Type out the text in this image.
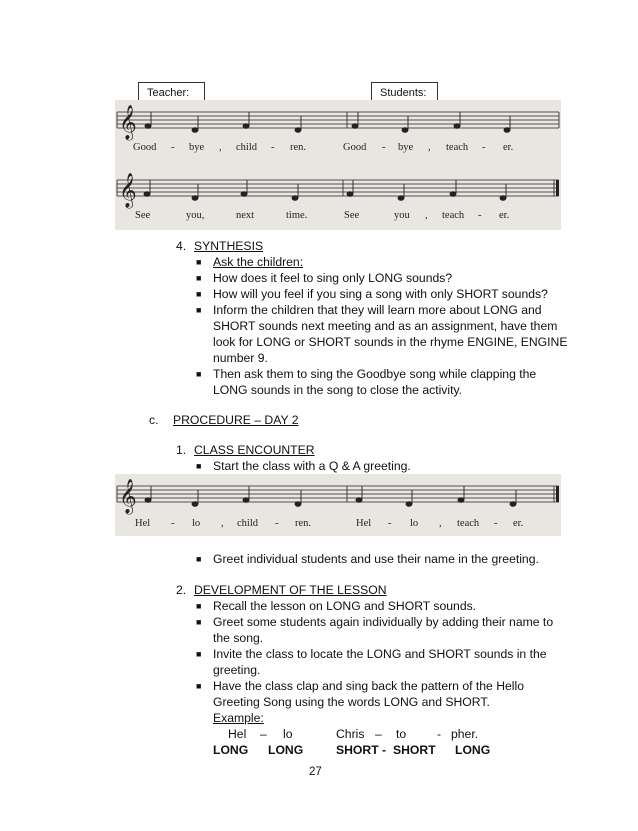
Teacher:	Students:
𝄞
𝄞
Good - bye , child - ren.	Good - bye , teach - er.
See	you,	next	time.	See	you , teach - er.
4. SYNTHESIS
■ Ask the children:
■ How does it feel to sing only LONG sounds?
■ How will you feel if you sing a song with only SHORT sounds?
■ Inform the children that they will learn more about LONG and
SHORT sounds next meeting and as an assignment, have them
look for LONG or SHORT sounds in the rhyme ENGINE, ENGINE
number 9.
■ Then ask them to sing the Goodbye song while clapping the
LONG sounds in the song to close the activity.
c. PROCEDURE – DAY 2
1. CLASS ENCOUNTER
■ Start the class with a Q & A greeting.
𝄞
Hel - lo , child - ren.	Hel - lo , teach - er.
■ Greet individual students and use their name in the greeting.
2. DEVELOPMENT OF THE LESSON
■ Recall the lesson on LONG and SHORT sounds.
■ Greet some students again individually by adding their name to
the song.
■ Invite the class to locate the LONG and SHORT sounds in the
greeting.
■ Have the class clap and sing back the pattern of the Hello
Greeting Song using the words LONG and SHORT.
Example:
Hel – lo	Chris – to	- pher.
LONG LONG	SHORT - SHORT LONG
27
